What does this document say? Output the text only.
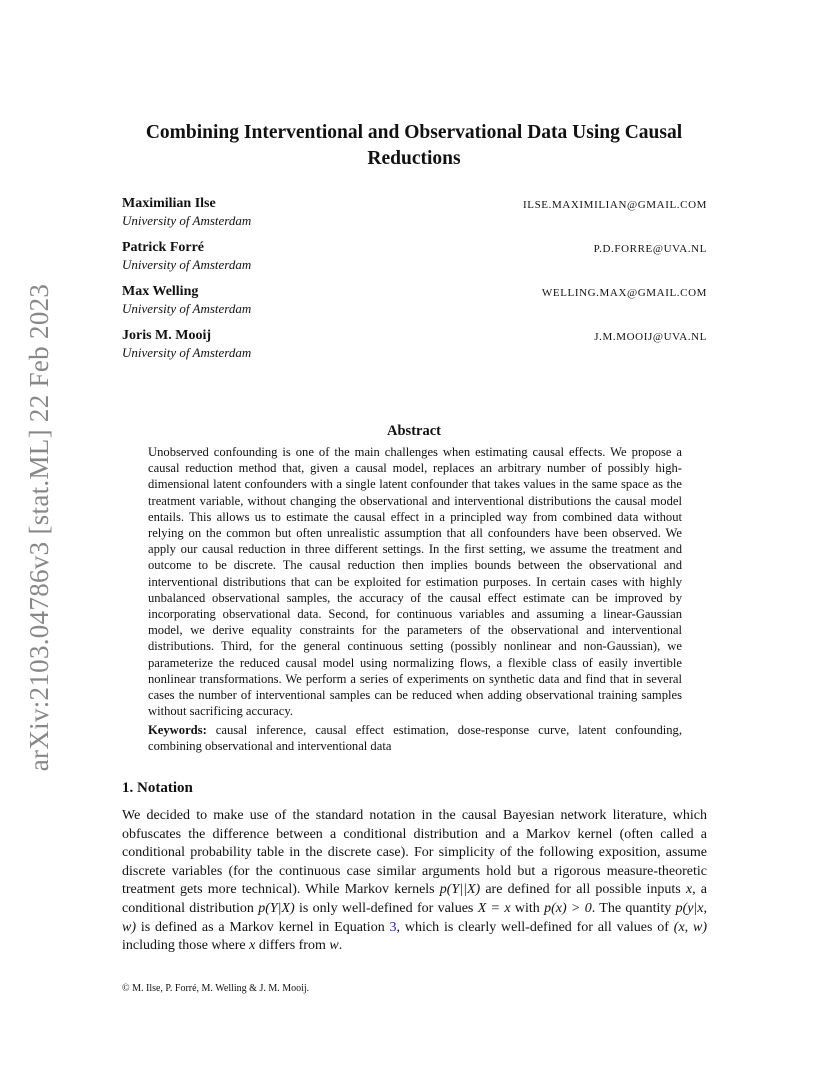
arXiv:2103.04786v3 [stat.ML] 22 Feb 2023
Combining Interventional and Observational Data Using Causal Reductions
Maximilian Ilse
University of Amsterdam
ILSE.MAXIMILIAN@GMAIL.COM
Patrick Forré
University of Amsterdam
P.D.FORRE@UVA.NL
Max Welling
University of Amsterdam
WELLING.MAX@GMAIL.COM
Joris M. Mooij
University of Amsterdam
J.M.MOOIJ@UVA.NL
Abstract
Unobserved confounding is one of the main challenges when estimating causal effects. We propose a causal reduction method that, given a causal model, replaces an arbitrary number of possibly high-dimensional latent confounders with a single latent confounder that takes values in the same space as the treatment variable, without changing the observational and interventional distributions the causal model entails. This allows us to estimate the causal effect in a principled way from combined data without relying on the common but often unrealistic assumption that all confounders have been observed. We apply our causal reduction in three different settings. In the first setting, we assume the treatment and outcome to be discrete. The causal reduction then implies bounds between the observational and interventional distributions that can be exploited for estimation purposes. In certain cases with highly unbalanced observational samples, the accuracy of the causal effect estimate can be improved by incorporating observational data. Second, for continuous variables and assuming a linear-Gaussian model, we derive equality constraints for the parameters of the observational and interventional distributions. Third, for the general continuous setting (possibly nonlinear and non-Gaussian), we parameterize the reduced causal model using normalizing flows, a flexible class of easily invertible nonlinear transformations. We perform a series of experiments on synthetic data and find that in several cases the number of interventional samples can be reduced when adding observational training samples without sacrificing accuracy.
Keywords: causal inference, causal effect estimation, dose-response curve, latent confounding, combining observational and interventional data
1. Notation
We decided to make use of the standard notation in the causal Bayesian network literature, which obfuscates the difference between a conditional distribution and a Markov kernel (often called a conditional probability table in the discrete case). For simplicity of the following exposition, assume discrete variables (for the continuous case similar arguments hold but a rigorous measure-theoretic treatment gets more technical). While Markov kernels p(Y||X) are defined for all possible inputs x, a conditional distribution p(Y|X) is only well-defined for values X = x with p(x) > 0. The quantity p(y|x, w) is defined as a Markov kernel in Equation 3, which is clearly well-defined for all values of (x, w) including those where x differs from w.
© M. Ilse, P. Forré, M. Welling & J. M. Mooij.
